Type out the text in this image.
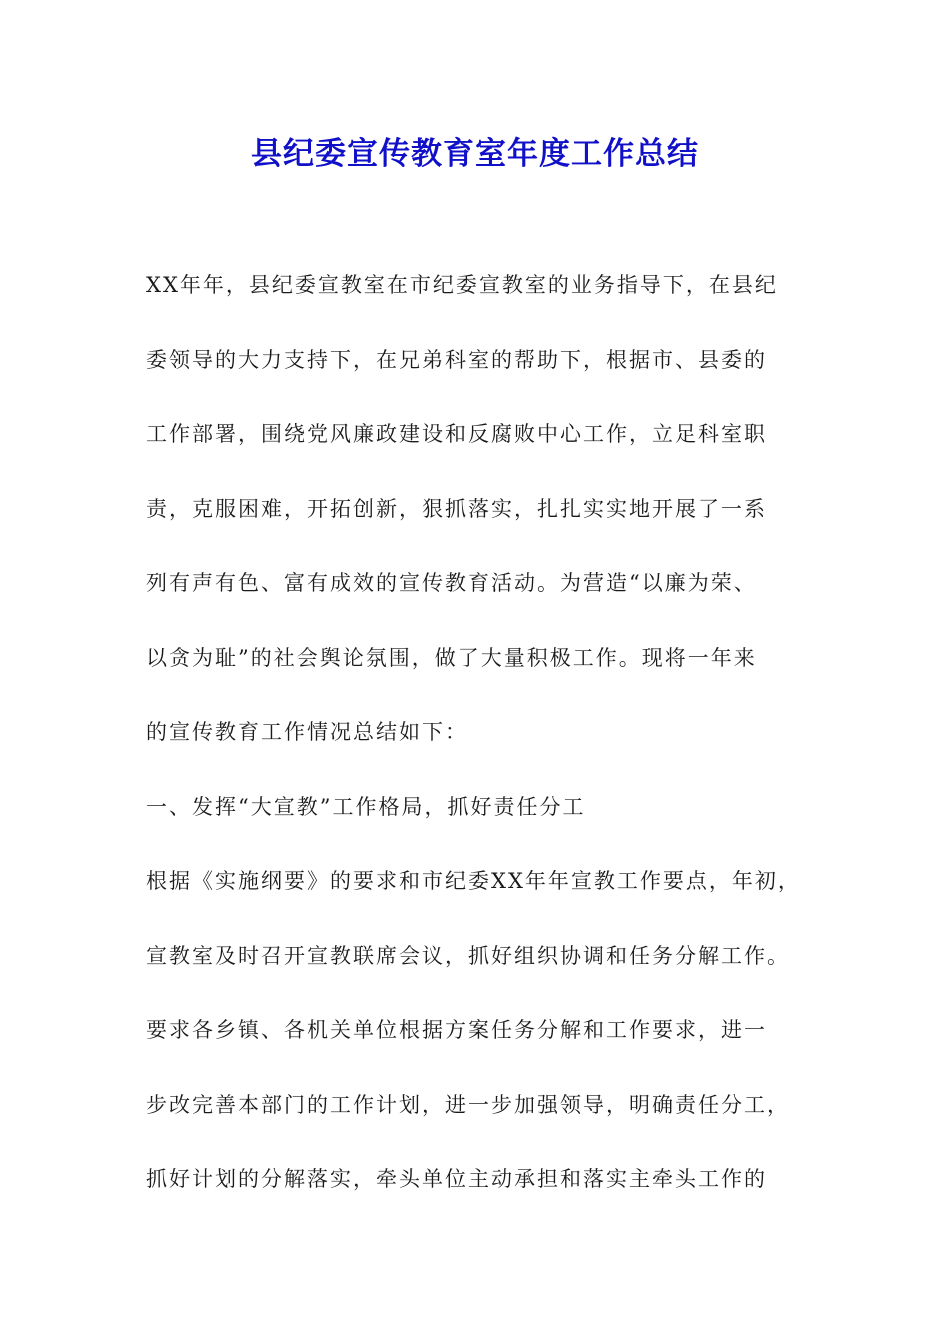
县纪委宣传教育室年度工作总结
XX年年，县纪委宣教室在市纪委宣教室的业务指导下，在县纪
委领导的大力支持下，在兄弟科室的帮助下，根据市、县委的
工作部署，围绕党风廉政建设和反腐败中心工作，立足科室职
责，克服困难，开拓创新，狠抓落实，扎扎实实地开展了一系
列有声有色、富有成效的宣传教育活动。为营造“以廉为荣、
以贪为耻”的社会舆论氛围，做了大量积极工作。现将一年来
的宣传教育工作情况总结如下：
一、发挥“大宣教”工作格局，抓好责任分工
根据《实施纲要》的要求和市纪委XX年年宣教工作要点，年初，
宣教室及时召开宣教联席会议，抓好组织协调和任务分解工作。
要求各乡镇、各机关单位根据方案任务分解和工作要求，进一
步改完善本部门的工作计划，进一步加强领导，明确责任分工，
抓好计划的分解落实，牵头单位主动承担和落实主牵头工作的
